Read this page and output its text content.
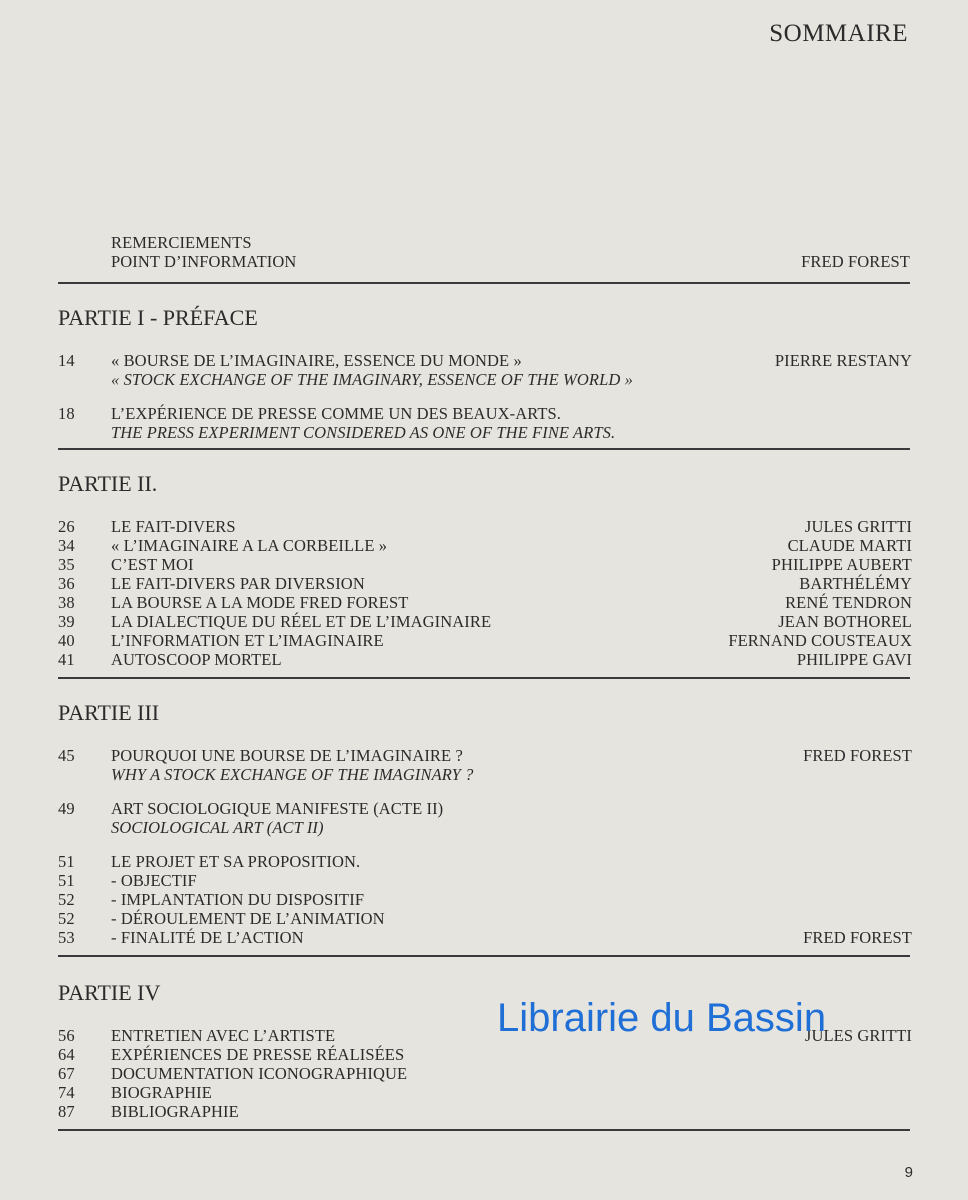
SOMMAIRE
REMERCIEMENTS
POINT D’INFORMATION	FRED FOREST
PARTIE I - PRÉFACE
14	« BOURSE DE L’IMAGINAIRE, ESSENCE DU MONDE »	PIERRE RESTANY
« STOCK EXCHANGE OF THE IMAGINARY, ESSENCE OF THE WORLD »
18	L’EXPÉRIENCE DE PRESSE COMME UN DES BEAUX-ARTS.
THE PRESS EXPERIMENT CONSIDERED AS ONE OF THE FINE ARTS.
PARTIE II.
26	LE FAIT-DIVERS	JULES GRITTI
34	« L’IMAGINAIRE A LA CORBEILLE »	CLAUDE MARTI
35	C’EST MOI	PHILIPPE AUBERT
36	LE FAIT-DIVERS PAR DIVERSION	BARTHÉLÉMY
38	LA BOURSE A LA MODE FRED FOREST	RENÉ TENDRON
39	LA DIALECTIQUE DU RÉEL ET DE L’IMAGINAIRE	JEAN BOTHOREL
40	L’INFORMATION ET L’IMAGINAIRE	FERNAND COUSTEAUX
41	AUTOSCOOP MORTEL	PHILIPPE GAVI
PARTIE III
45	POURQUOI UNE BOURSE DE L’IMAGINAIRE ?	FRED FOREST
WHY A STOCK EXCHANGE OF THE IMAGINARY ?
49	ART SOCIOLOGIQUE MANIFESTE (ACTE II)
SOCIOLOGICAL ART (ACT II)
51	LE PROJET ET SA PROPOSITION.
51	- OBJECTIF
52	- IMPLANTATION DU DISPOSITIF
52	- DÉROULEMENT DE L’ANIMATION
53	- FINALITÉ DE L’ACTION	FRED FOREST
PARTIE IV
56	ENTRETIEN AVEC L’ARTISTE	JULES GRITTI
64	EXPÉRIENCES DE PRESSE RÉALISÉES
67	DOCUMENTATION ICONOGRAPHIQUE
74	BIOGRAPHIE
87	BIBLIOGRAPHIE
Librairie du Bassin
9
